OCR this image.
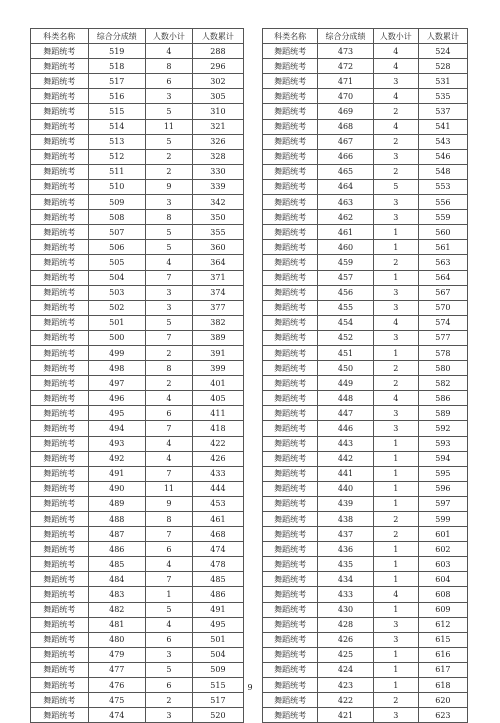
科类名称	综合分成绩	人数小计	人数累计
舞蹈统考	519	4	288
舞蹈统考	518	8	296
舞蹈统考	517	6	302
舞蹈统考	516	3	305
舞蹈统考	515	5	310
舞蹈统考	514	11	321
舞蹈统考	513	5	326
舞蹈统考	512	2	328
舞蹈统考	511	2	330
舞蹈统考	510	9	339
舞蹈统考	509	3	342
舞蹈统考	508	8	350
舞蹈统考	507	5	355
舞蹈统考	506	5	360
舞蹈统考	505	4	364
舞蹈统考	504	7	371
舞蹈统考	503	3	374
舞蹈统考	502	3	377
舞蹈统考	501	5	382
舞蹈统考	500	7	389
舞蹈统考	499	2	391
舞蹈统考	498	8	399
舞蹈统考	497	2	401
舞蹈统考	496	4	405
舞蹈统考	495	6	411
舞蹈统考	494	7	418
舞蹈统考	493	4	422
舞蹈统考	492	4	426
舞蹈统考	491	7	433
舞蹈统考	490	11	444
舞蹈统考	489	9	453
舞蹈统考	488	8	461
舞蹈统考	487	7	468
舞蹈统考	486	6	474
舞蹈统考	485	4	478
舞蹈统考	484	7	485
舞蹈统考	483	1	486
舞蹈统考	482	5	491
舞蹈统考	481	4	495
舞蹈统考	480	6	501
舞蹈统考	479	3	504
舞蹈统考	477	5	509
舞蹈统考	476	6	515
舞蹈统考	475	2	517
舞蹈统考	474	3	520
科类名称	综合分成绩	人数小计	人数累计
舞蹈统考	473	4	524
舞蹈统考	472	4	528
舞蹈统考	471	3	531
舞蹈统考	470	4	535
舞蹈统考	469	2	537
舞蹈统考	468	4	541
舞蹈统考	467	2	543
舞蹈统考	466	3	546
舞蹈统考	465	2	548
舞蹈统考	464	5	553
舞蹈统考	463	3	556
舞蹈统考	462	3	559
舞蹈统考	461	1	560
舞蹈统考	460	1	561
舞蹈统考	459	2	563
舞蹈统考	457	1	564
舞蹈统考	456	3	567
舞蹈统考	455	3	570
舞蹈统考	454	4	574
舞蹈统考	452	3	577
舞蹈统考	451	1	578
舞蹈统考	450	2	580
舞蹈统考	449	2	582
舞蹈统考	448	4	586
舞蹈统考	447	3	589
舞蹈统考	446	3	592
舞蹈统考	443	1	593
舞蹈统考	442	1	594
舞蹈统考	441	1	595
舞蹈统考	440	1	596
舞蹈统考	439	1	597
舞蹈统考	438	2	599
舞蹈统考	437	2	601
舞蹈统考	436	1	602
舞蹈统考	435	1	603
舞蹈统考	434	1	604
舞蹈统考	433	4	608
舞蹈统考	430	1	609
舞蹈统考	428	3	612
舞蹈统考	426	3	615
舞蹈统考	425	1	616
舞蹈统考	424	1	617
舞蹈统考	423	1	618
舞蹈统考	422	2	620
舞蹈统考	421	3	623
9
